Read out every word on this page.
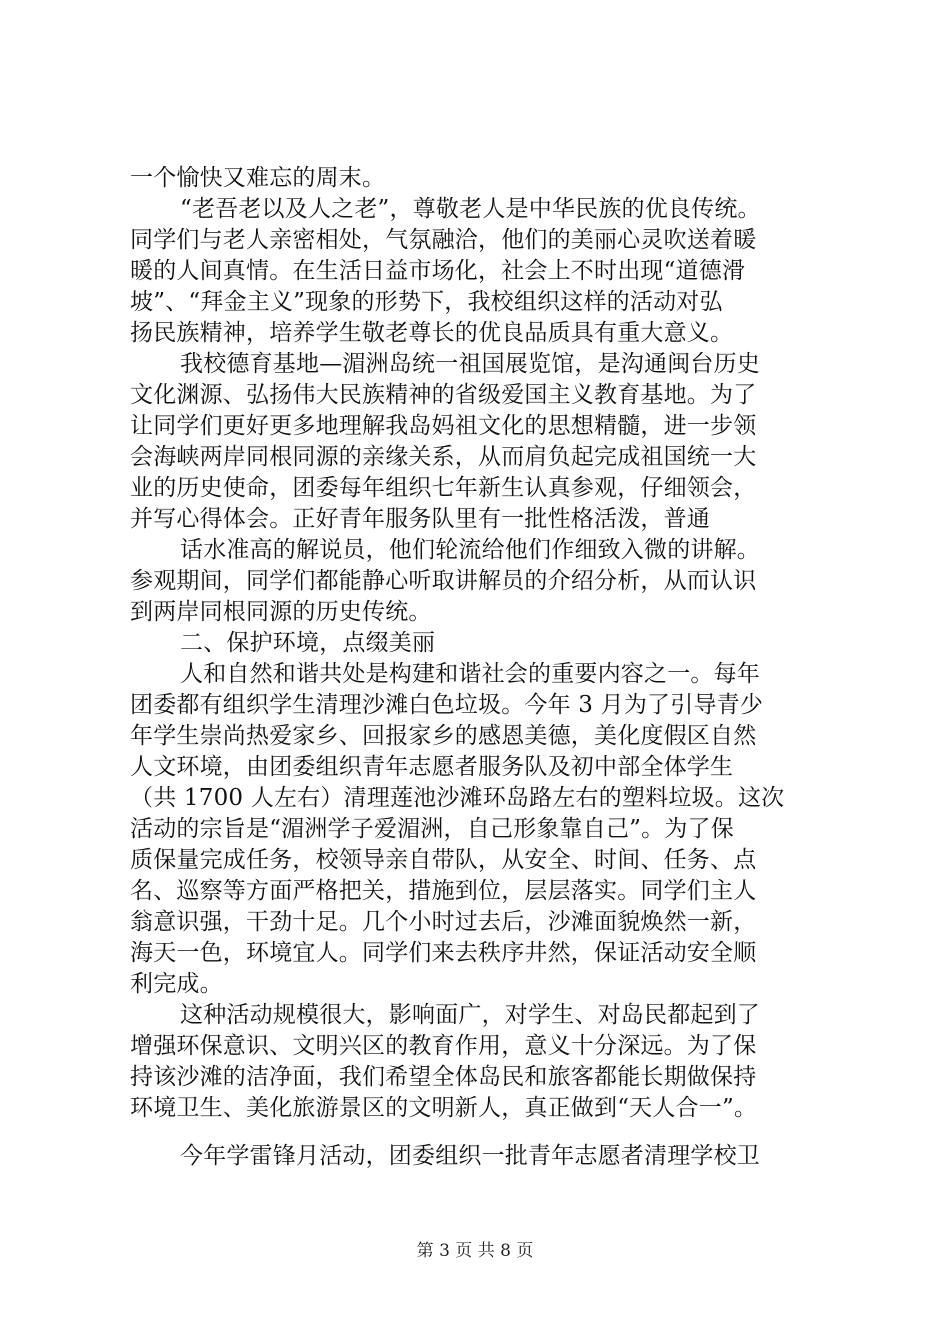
一个愉快又难忘的周末。
“老吾老以及人之老”，尊敬老人是中华民族的优良传统。
同学们与老人亲密相处，气氛融洽，他们的美丽心灵吹送着暖
暖的人间真情。在生活日益市场化，社会上不时出现“道德滑
坡”、“拜金主义”现象的形势下，我校组织这样的活动对弘
扬民族精神，培养学生敬老尊长的优良品质具有重大意义。
我校德育基地—湄洲岛统一祖国展览馆，是沟通闽台历史
文化渊源、弘扬伟大民族精神的省级爱国主义教育基地。为了
让同学们更好更多地理解我岛妈祖文化的思想精髓，进一步领
会海峡两岸同根同源的亲缘关系，从而肩负起完成祖国统一大
业的历史使命，团委每年组织七年新生认真参观，仔细领会，
并写心得体会。正好青年服务队里有一批性格活泼，普通
话水准高的解说员，他们轮流给他们作细致入微的讲解。
参观期间，同学们都能静心听取讲解员的介绍分析，从而认识
到两岸同根同源的历史传统。
二、保护环境，点缀美丽
人和自然和谐共处是构建和谐社会的重要内容之一。每年
团委都有组织学生清理沙滩白色垃圾。今年 3 月为了引导青少
年学生崇尚热爱家乡、回报家乡的感恩美德，美化度假区自然
人文环境，由团委组织青年志愿者服务队及初中部全体学生
（共 1700 人左右）清理莲池沙滩环岛路左右的塑料垃圾。这次
活动的宗旨是“湄洲学子爱湄洲，自己形象靠自己”。为了保
质保量完成任务，校领导亲自带队，从安全、时间、任务、点
名、巡察等方面严格把关，措施到位，层层落实。同学们主人
翁意识强，干劲十足。几个小时过去后，沙滩面貌焕然一新，
海天一色，环境宜人。同学们来去秩序井然，保证活动安全顺
利完成。
这种活动规模很大，影响面广，对学生、对岛民都起到了
增强环保意识、文明兴区的教育作用，意义十分深远。为了保
持该沙滩的洁净面，我们希望全体岛民和旅客都能长期做保持
环境卫生、美化旅游景区的文明新人，真正做到“天人合一”。
今年学雷锋月活动，团委组织一批青年志愿者清理学校卫
第 3 页 共 8 页
